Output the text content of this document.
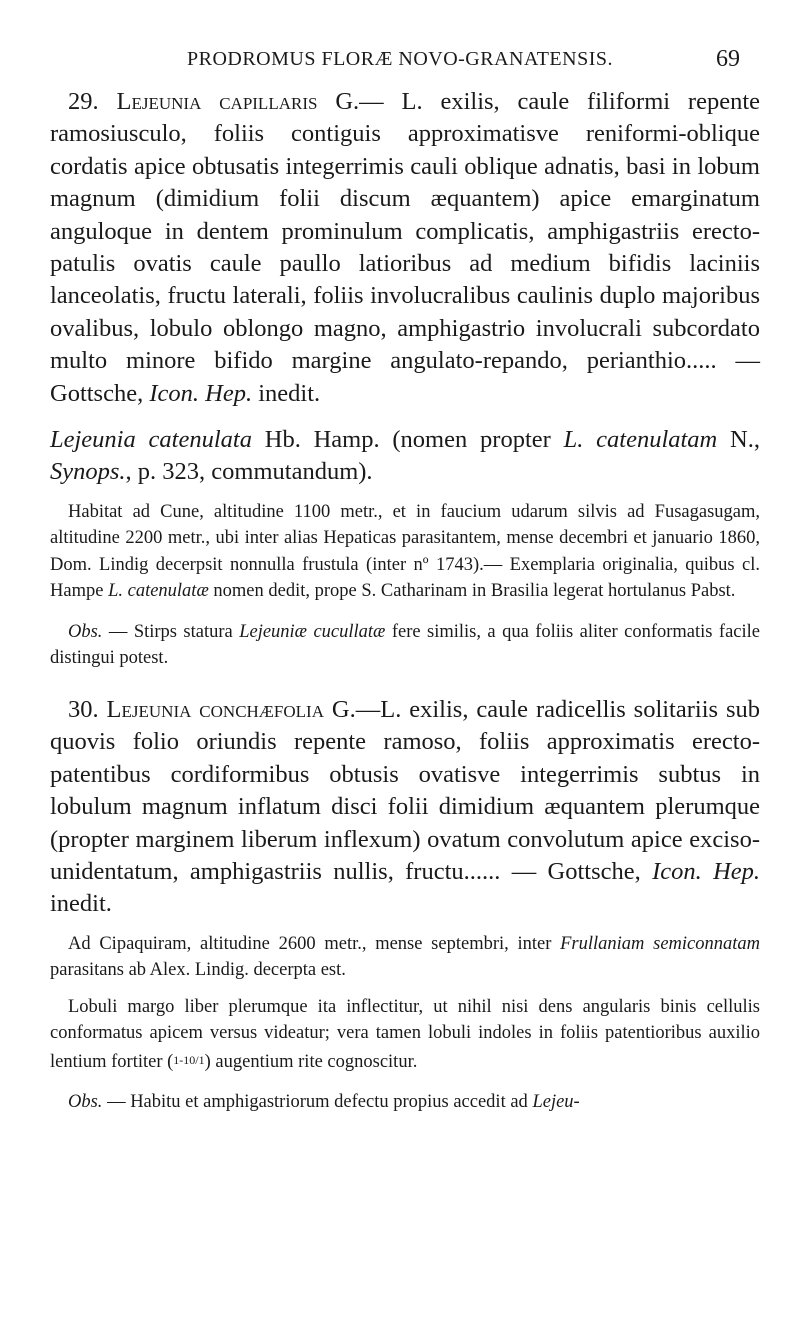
PRODROMUS FLORÆ NOVO-GRANATENSIS.	69

29. Lejeunia capillaris G.— L. exilis, caule filiformi repente ramosiusculo, foliis contiguis approximatisve reniformi-oblique cordatis apice obtusatis integerrimis cauli oblique adnatis, basi in lobum magnum (dimidium folii discum æquantem) apice emarginatum anguloque in dentem prominulum complicatis, amphigastriis erecto-patulis ovatis caule paullo latioribus ad medium bifidis laciniis lanceolatis, fructu laterali, foliis involucralibus caulinis duplo majoribus ovalibus, lobulo oblongo magno, amphigastrio involucrali subcordato multo minore bifido margine angulato-repando, perianthio..... — Gottsche, Icon. Hep. inedit.

Lejeunia catenulata Hb. Hamp. (nomen propter L. catenulatam N., Synops., p. 323, commutandum).

Habitat ad Cune, altitudine 1100 metr., et in faucium udarum silvis ad Fusagasugam, altitudine 2200 metr., ubi inter alias Hepaticas parasitantem, mense decembri et januario 1860, Dom. Lindig decerpsit nonnulla frustula (inter nº 1743).— Exemplaria originalia, quibus cl. Hampe L. catenulatæ nomen dedit, prope S. Catharinam in Brasilia legerat hortulanus Pabst.

Obs. — Stirps statura Lejeuniæ cucullatæ fere similis, a qua foliis aliter conformatis facile distingui potest.

30. Lejeunia conchæfolia G.—L. exilis, caule radicellis solitariis sub quovis folio oriundis repente ramoso, foliis approximatis erecto-patentibus cordiformibus obtusis ovatisve integerrimis subtus in lobulum magnum inflatum disci folii dimidium æquantem plerumque (propter marginem liberum inflexum) ovatum convolutum apice exciso-unidentatum, amphigastriis nullis, fructu...... — Gottsche, Icon. Hep. inedit.

Ad Cipaquiram, altitudine 2600 metr., mense septembri, inter Frullaniam semiconnatam parasitans ab Alex. Lindig. decerpta est.

Lobuli margo liber plerumque ita inflectitur, ut nihil nisi dens angularis binis cellulis conformatus apicem versus videatur; vera tamen lobuli indoles in foliis patentioribus auxilio lentium fortiter (1-10/1) augentium rite cognoscitur.

Obs. — Habitu et amphigastriorum defectu propius accedit ad Lejeu-
